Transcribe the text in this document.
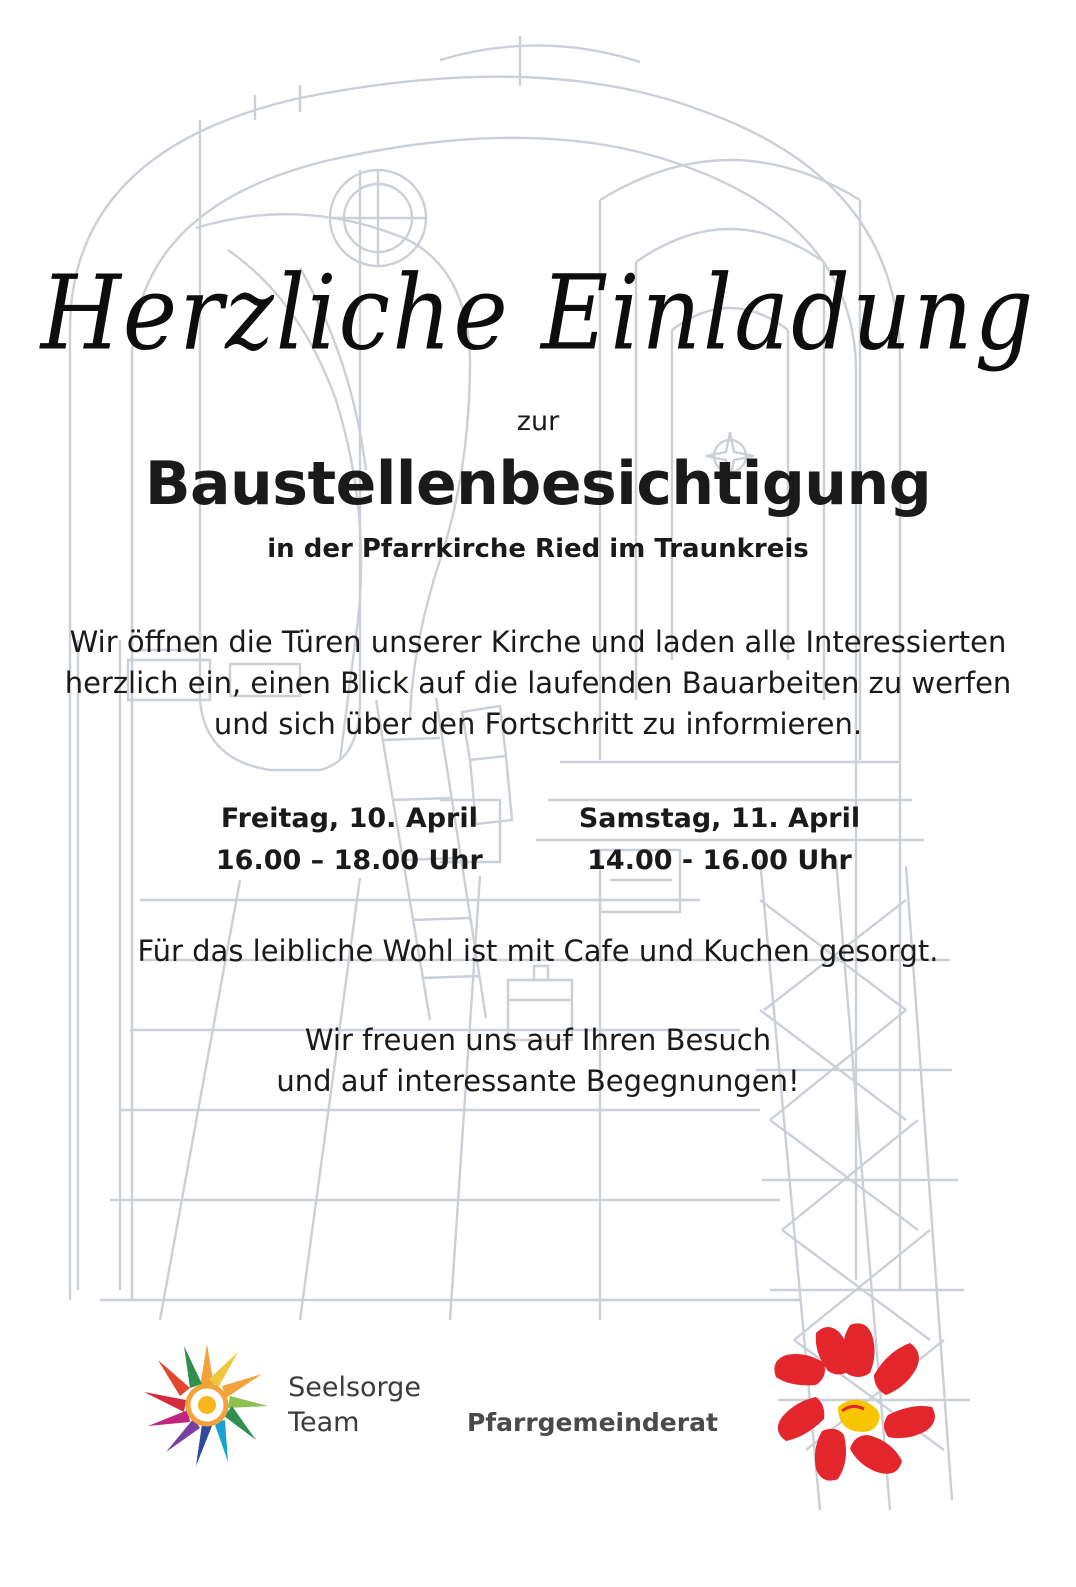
Herzliche Einladung
zur
Baustellenbesichtigung
in der Pfarrkirche Ried im Traunkreis
Wir öffnen die Türen unserer Kirche und laden alle Interessierten herzlich ein, einen Blick auf die laufenden Bauarbeiten zu werfen und sich über den Fortschritt zu informieren.
Freitag, 10. April
16.00 – 18.00 Uhr
Samstag, 11. April
14.00 - 16.00 Uhr
Für das leibliche Wohl ist mit Cafe und Kuchen gesorgt.
Wir freuen uns auf Ihren Besuch
und auf interessante Begegnungen!
Seelsorge
Team	Pfarrgemeinderat
